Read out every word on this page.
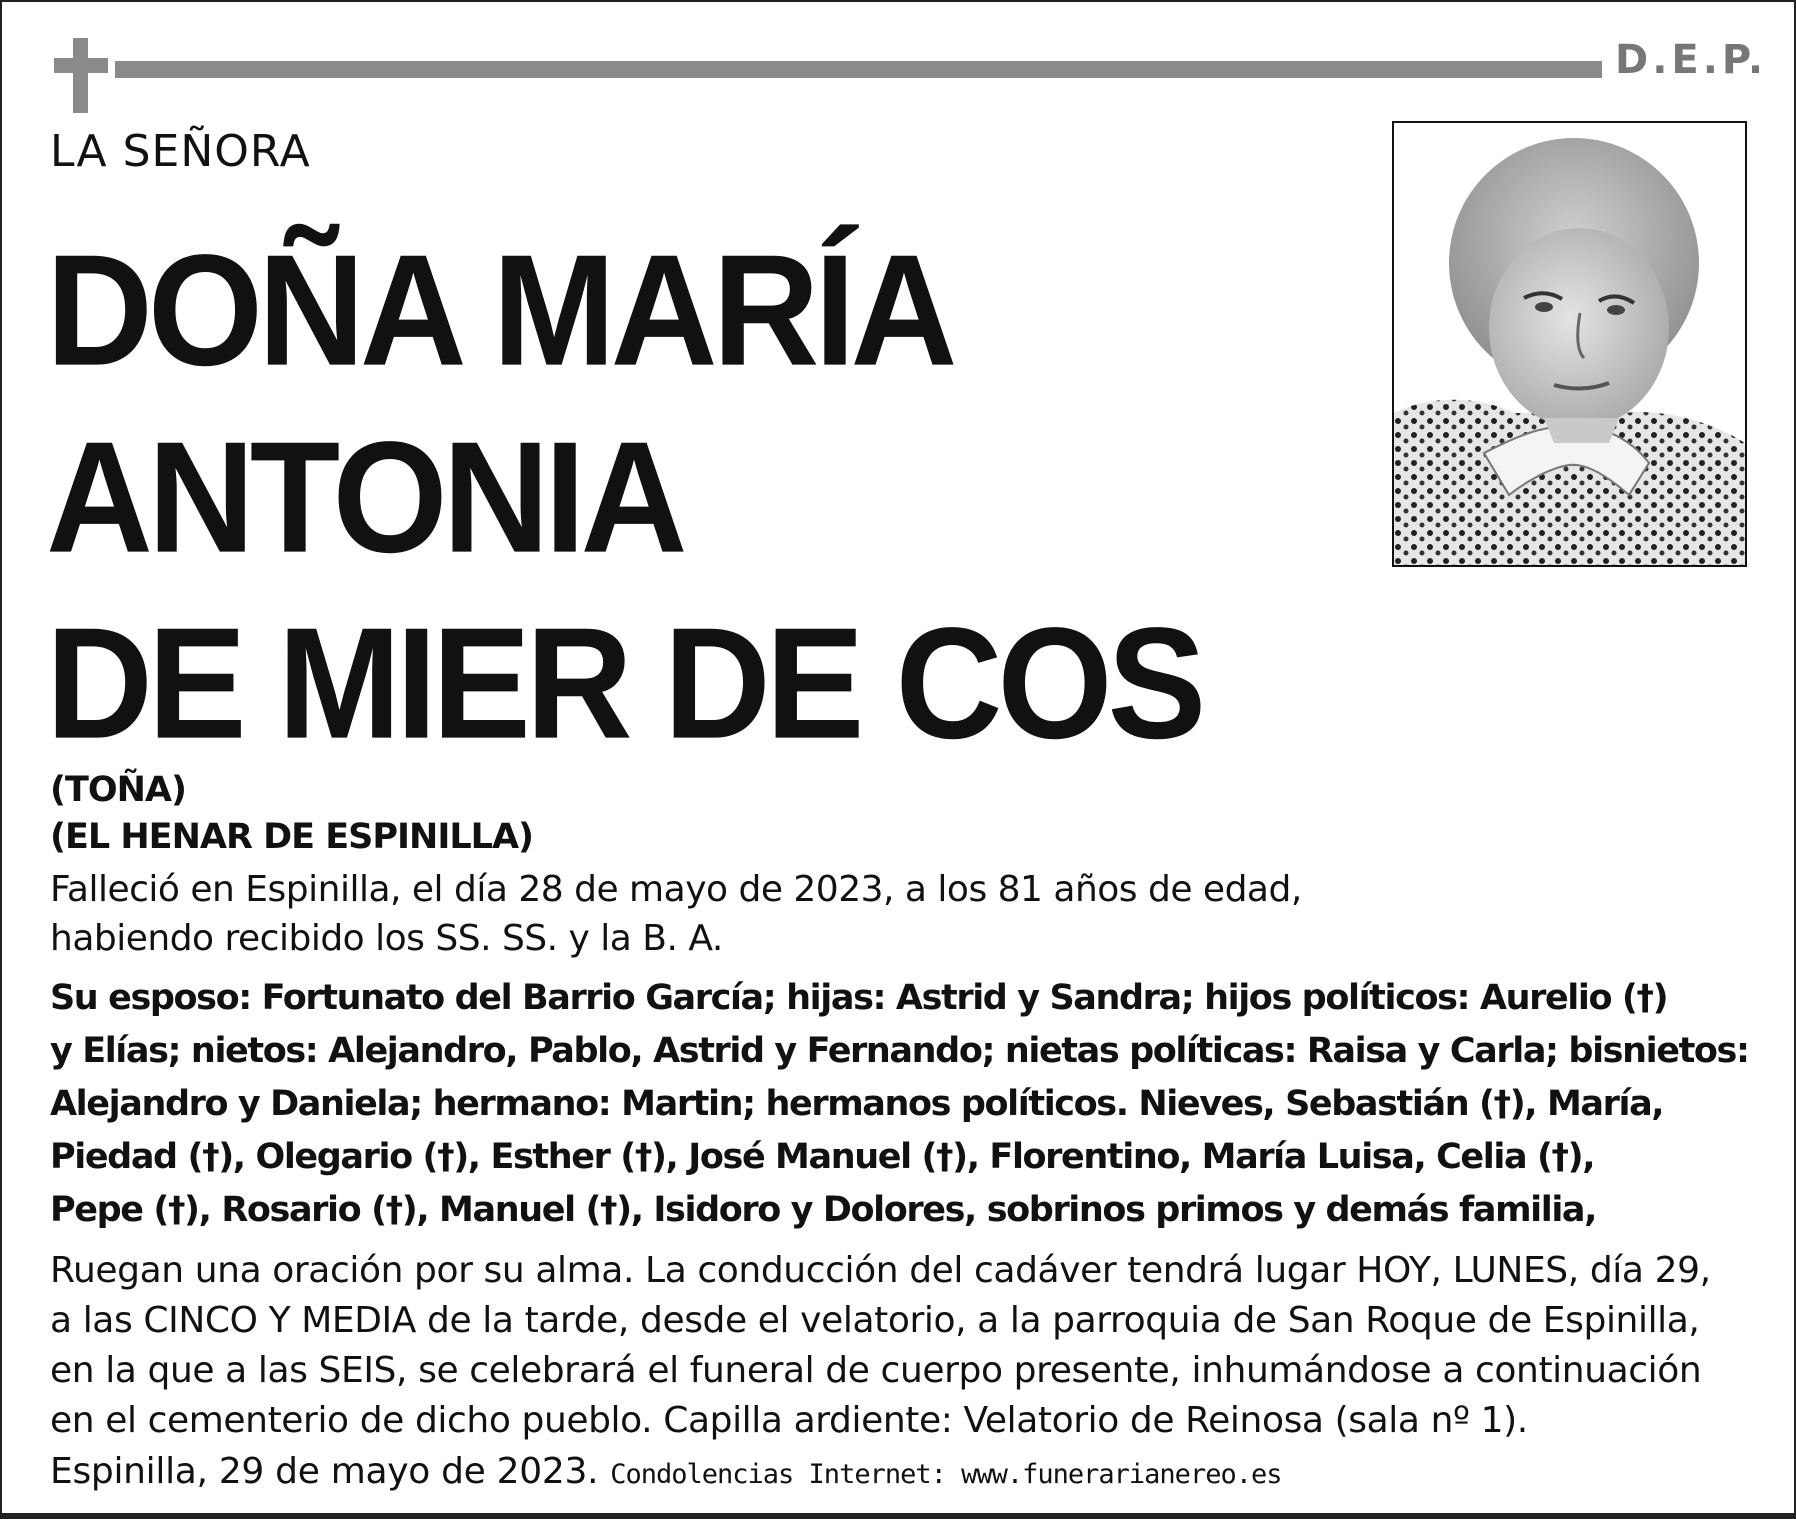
D.E.P.
LA SEÑORA
DOÑA MARÍA
ANTONIA
DE MIER DE COS
(TOÑA)
(EL HENAR DE ESPINILLA)
Falleció en Espinilla, el día 28 de mayo de 2023, a los 81 años de edad,
habiendo recibido los SS. SS. y la B. A.
Su esposo: Fortunato del Barrio García; hijas: Astrid y Sandra; hijos políticos: Aurelio (†)
y Elías; nietos: Alejandro, Pablo, Astrid y Fernando; nietas políticas: Raisa y Carla; bisnietos:
Alejandro y Daniela; hermano: Martin; hermanos políticos. Nieves, Sebastián (†), María,
Piedad (†), Olegario (†), Esther (†), José Manuel (†), Florentino, María Luisa, Celia (†),
Pepe (†), Rosario (†), Manuel (†), Isidoro y Dolores, sobrinos primos y demás familia,
Ruegan una oración por su alma. La conducción del cadáver tendrá lugar HOY, LUNES, día 29,
a las CINCO Y MEDIA de la tarde, desde el velatorio, a la parroquia de San Roque de Espinilla,
en la que a las SEIS, se celebrará el funeral de cuerpo presente, inhumándose a continuación
en el cementerio de dicho pueblo. Capilla ardiente: Velatorio de Reinosa (sala nº 1).
Espinilla, 29 de mayo de 2023. Condolencias Internet: www.funerarianereo.es
